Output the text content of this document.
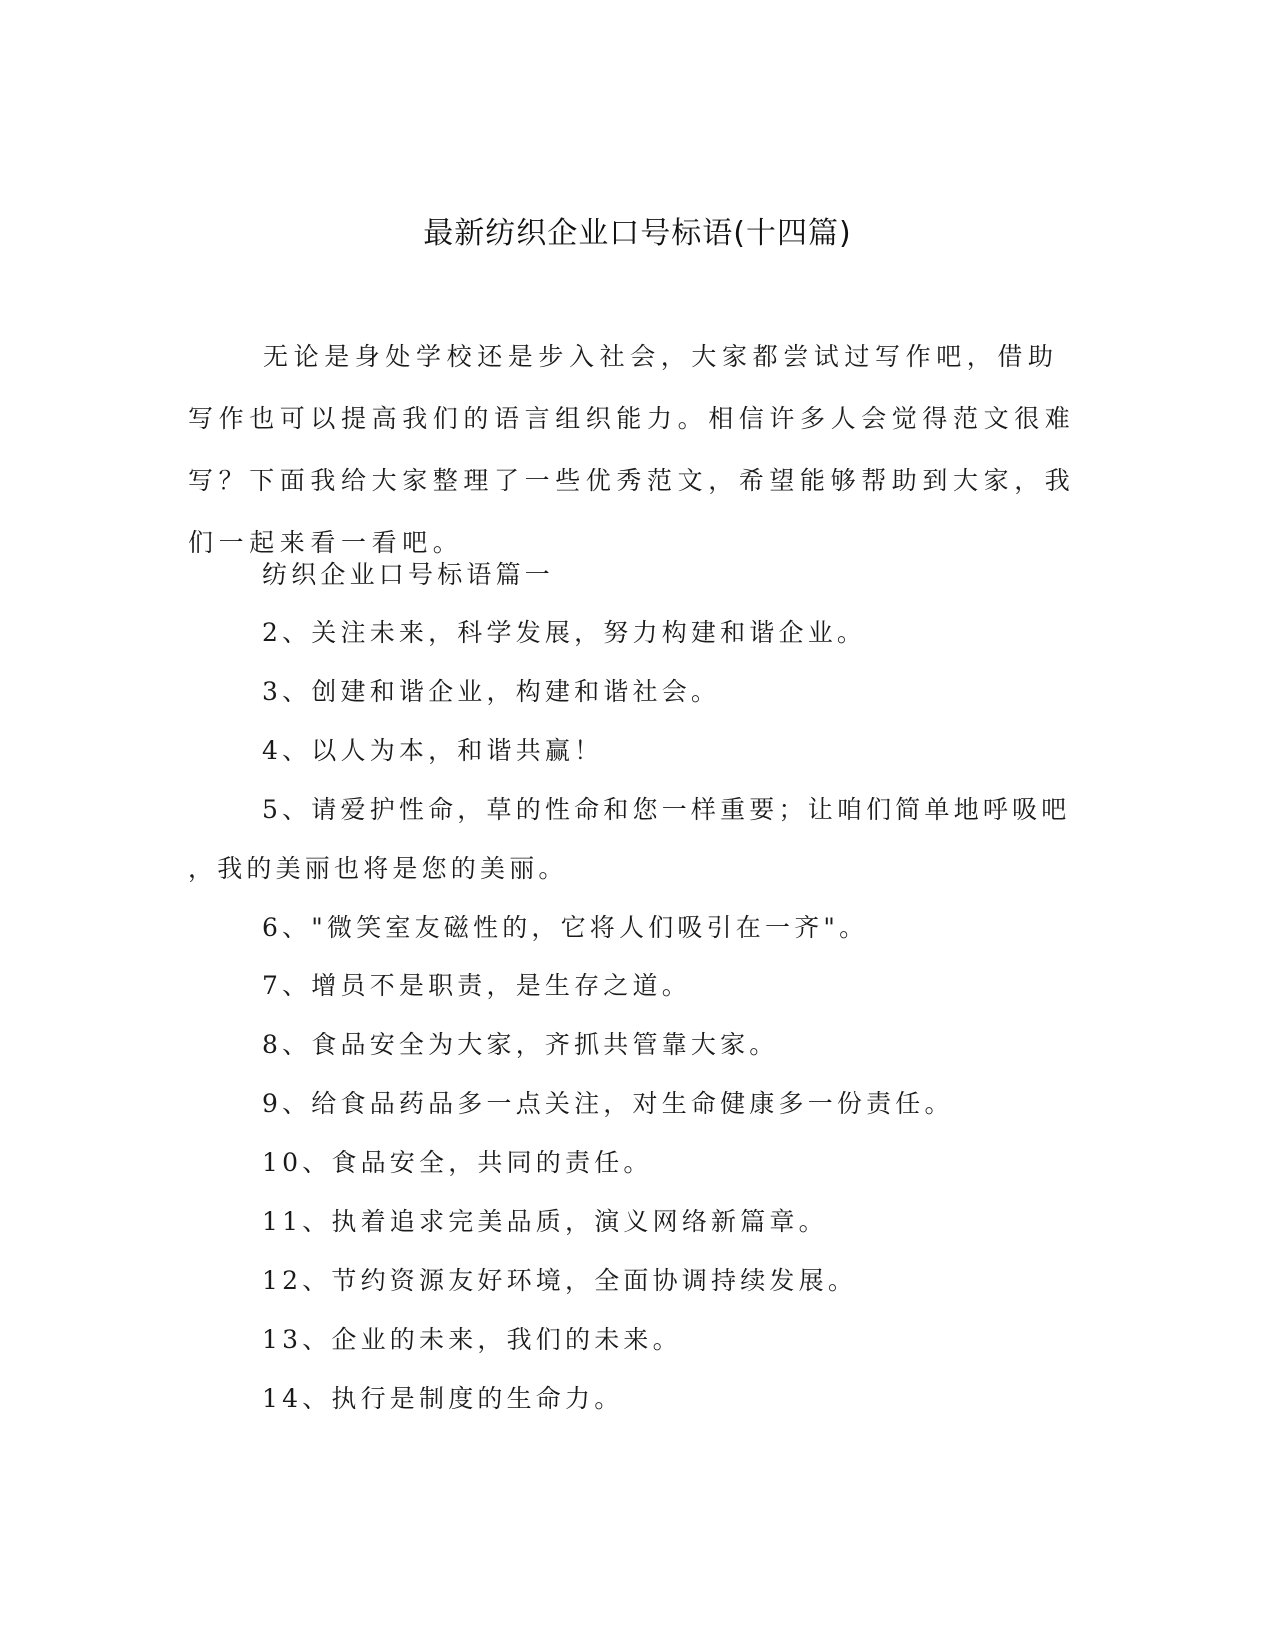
最新纺织企业口号标语(十四篇)

无论是身处学校还是步入社会，大家都尝试过写作吧，借助写作也可以提高我们的语言组织能力。相信许多人会觉得范文很难写？下面我给大家整理了一些优秀范文，希望能够帮助到大家，我们一起来看一看吧。

纺织企业口号标语篇一

2、关注未来，科学发展，努力构建和谐企业。

3、创建和谐企业，构建和谐社会。

4、以人为本，和谐共赢！

5、请爱护性命，草的性命和您一样重要；让咱们简单地呼吸吧

，我的美丽也将是您的美丽。

6、"微笑室友磁性的，它将人们吸引在一齐"。

7、增员不是职责，是生存之道。

8、食品安全为大家，齐抓共管靠大家。

9、给食品药品多一点关注，对生命健康多一份责任。

10、食品安全，共同的责任。

11、执着追求完美品质，演义网络新篇章。

12、节约资源友好环境，全面协调持续发展。

13、企业的未来，我们的未来。

14、执行是制度的生命力。
